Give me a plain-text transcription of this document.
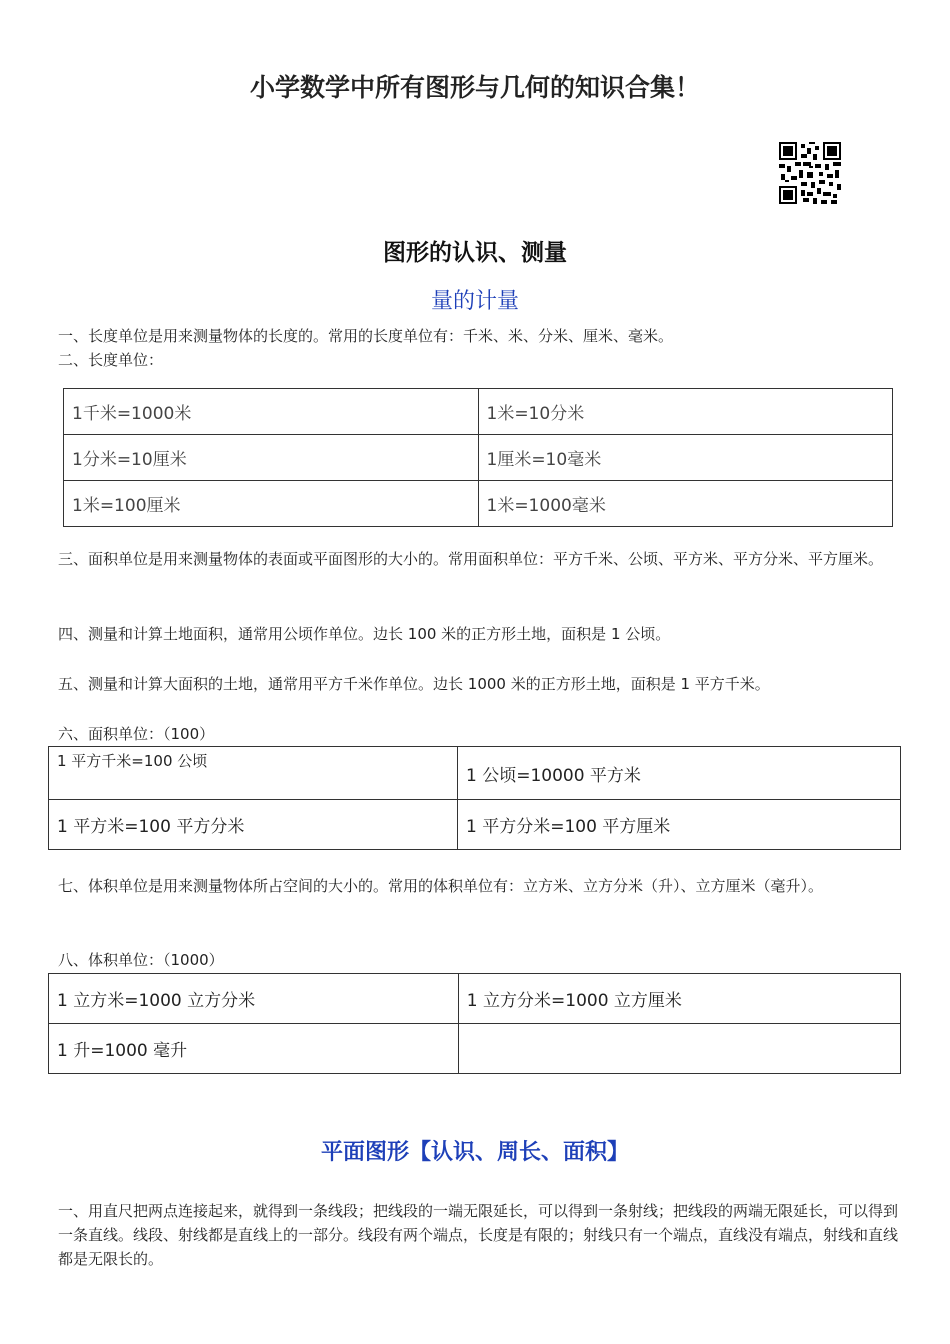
小学数学中所有图形与几何的知识合集！
图形的认识、测量
量的计量
一、长度单位是用来测量物体的长度的。常用的长度单位有：千米、米、分米、厘米、毫米。
二、长度单位：
1千米=1000米	1米=10分米
1分米=10厘米	1厘米=10毫米
1米=100厘米	1米=1000毫米
三、面积单位是用来测量物体的表面或平面图形的大小的。常用面积单位：平方千米、公顷、平方米、平方分米、平方厘米。
四、测量和计算土地面积，通常用公顷作单位。边长 100 米的正方形土地，面积是 1 公顷。
五、测量和计算大面积的土地，通常用平方千米作单位。边长 1000 米的正方形土地，面积是 1 平方千米。
六、面积单位：（100）
1 平方千米=100 公顷	1 公顷=10000 平方米
1 平方米=100 平方分米	1 平方分米=100 平方厘米
七、体积单位是用来测量物体所占空间的大小的。常用的体积单位有：立方米、立方分米（升）、立方厘米（毫升）。
八、体积单位：（1000）
1 立方米=1000 立方分米	1 立方分米=1000 立方厘米
1 升=1000 毫升	
平面图形【认识、周长、面积】
一、用直尺把两点连接起来，就得到一条线段；把线段的一端无限延长，可以得到一条射线；把线段的两端无限延长，可以得到一条直线。线段、射线都是直线上的一部分。线段有两个端点，长度是有限的；射线只有一个端点，直线没有端点，射线和直线都是无限长的。
